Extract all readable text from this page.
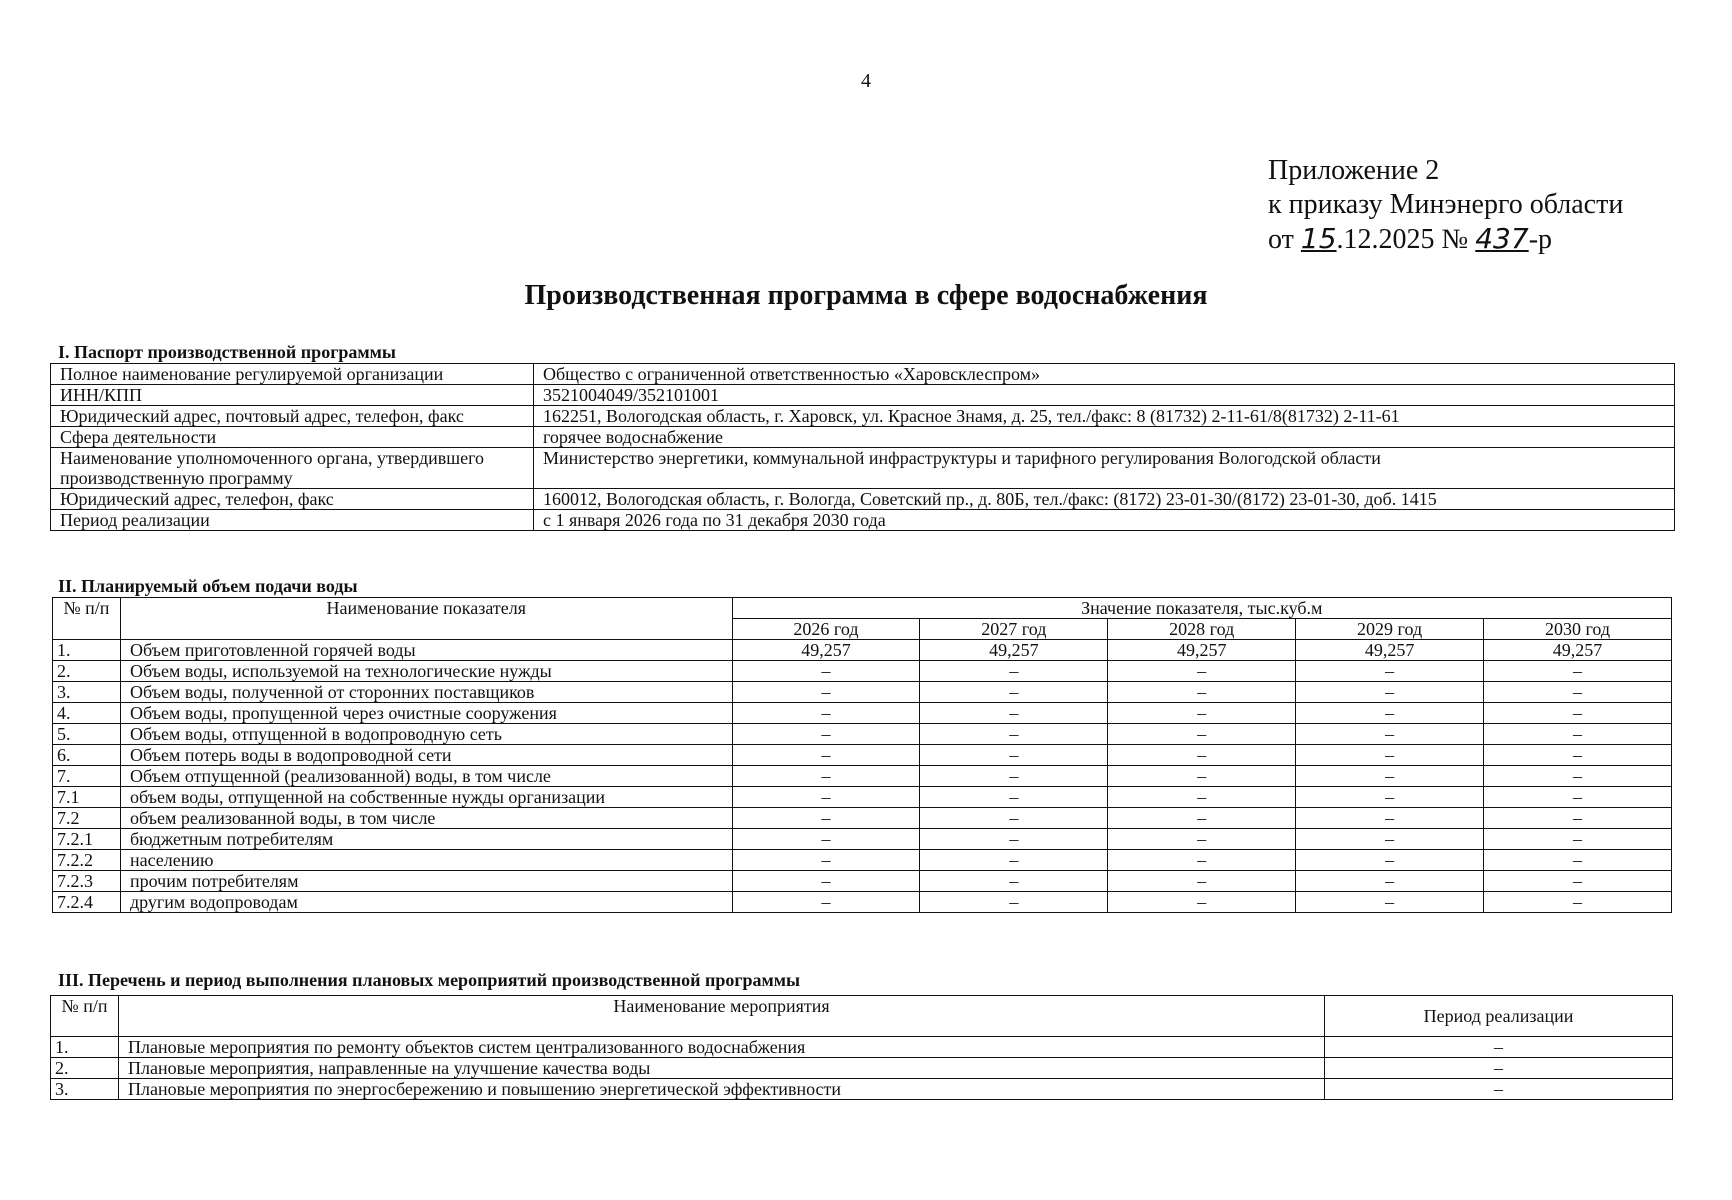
4
Приложение 2
к приказу Минэнерго области
от 15.12.2025 № 437-р
Производственная программа в сфере водоснабжения
I. Паспорт производственной программы
Полное наименование регулируемой организации	Общество с ограниченной ответственностью «Харовсклеспром»
ИНН/КПП	3521004049/352101001
Юридический адрес, почтовый адрес, телефон, факс	162251, Вологодская область, г. Харовск, ул. Красное Знамя, д. 25, тел./факс: 8 (81732) 2-11-61/8(81732) 2-11-61
Сфера деятельности	горячее водоснабжение
Наименование уполномоченного органа, утвердившего производственную программу	Министерство энергетики, коммунальной инфраструктуры и тарифного регулирования Вологодской области
Юридический адрес, телефон, факс	160012, Вологодская область, г. Вологда, Советский пр., д. 80Б, тел./факс: (8172) 23-01-30/(8172) 23-01-30, доб. 1415
Период реализации	с 1 января 2026 года по 31 декабря 2030 года
II. Планируемый объем подачи воды
№ п/п	Наименование показателя	Значение показателя, тыс.куб.м				
		2026 год	2027 год	2028 год	2029 год	2030 год
1.	Объем приготовленной горячей воды	49,257	49,257	49,257	49,257	49,257
2.	Объем воды, используемой на технологические нужды	–	–	–	–	–
3.	Объем воды, полученной от сторонних поставщиков	–	–	–	–	–
4.	Объем воды, пропущенной через очистные сооружения	–	–	–	–	–
5.	Объем воды, отпущенной в водопроводную сеть	–	–	–	–	–
6.	Объем потерь воды в водопроводной сети	–	–	–	–	–
7.	Объем отпущенной (реализованной) воды, в том числе	–	–	–	–	–
7.1	объем воды, отпущенной на собственные нужды организации	–	–	–	–	–
7.2	объем реализованной воды, в том числе	–	–	–	–	–
7.2.1	бюджетным потребителям	–	–	–	–	–
7.2.2	населению	–	–	–	–	–
7.2.3	прочим потребителям	–	–	–	–	–
7.2.4	другим водопроводам	–	–	–	–	–
III. Перечень и период выполнения плановых мероприятий производственной программы
№ п/п	Наименование мероприятия	Период реализации
1.	Плановые мероприятия по ремонту объектов систем централизованного водоснабжения	–
2.	Плановые мероприятия, направленные на улучшение качества воды	–
3.	Плановые мероприятия по энергосбережению и повышению энергетической эффективности	–
